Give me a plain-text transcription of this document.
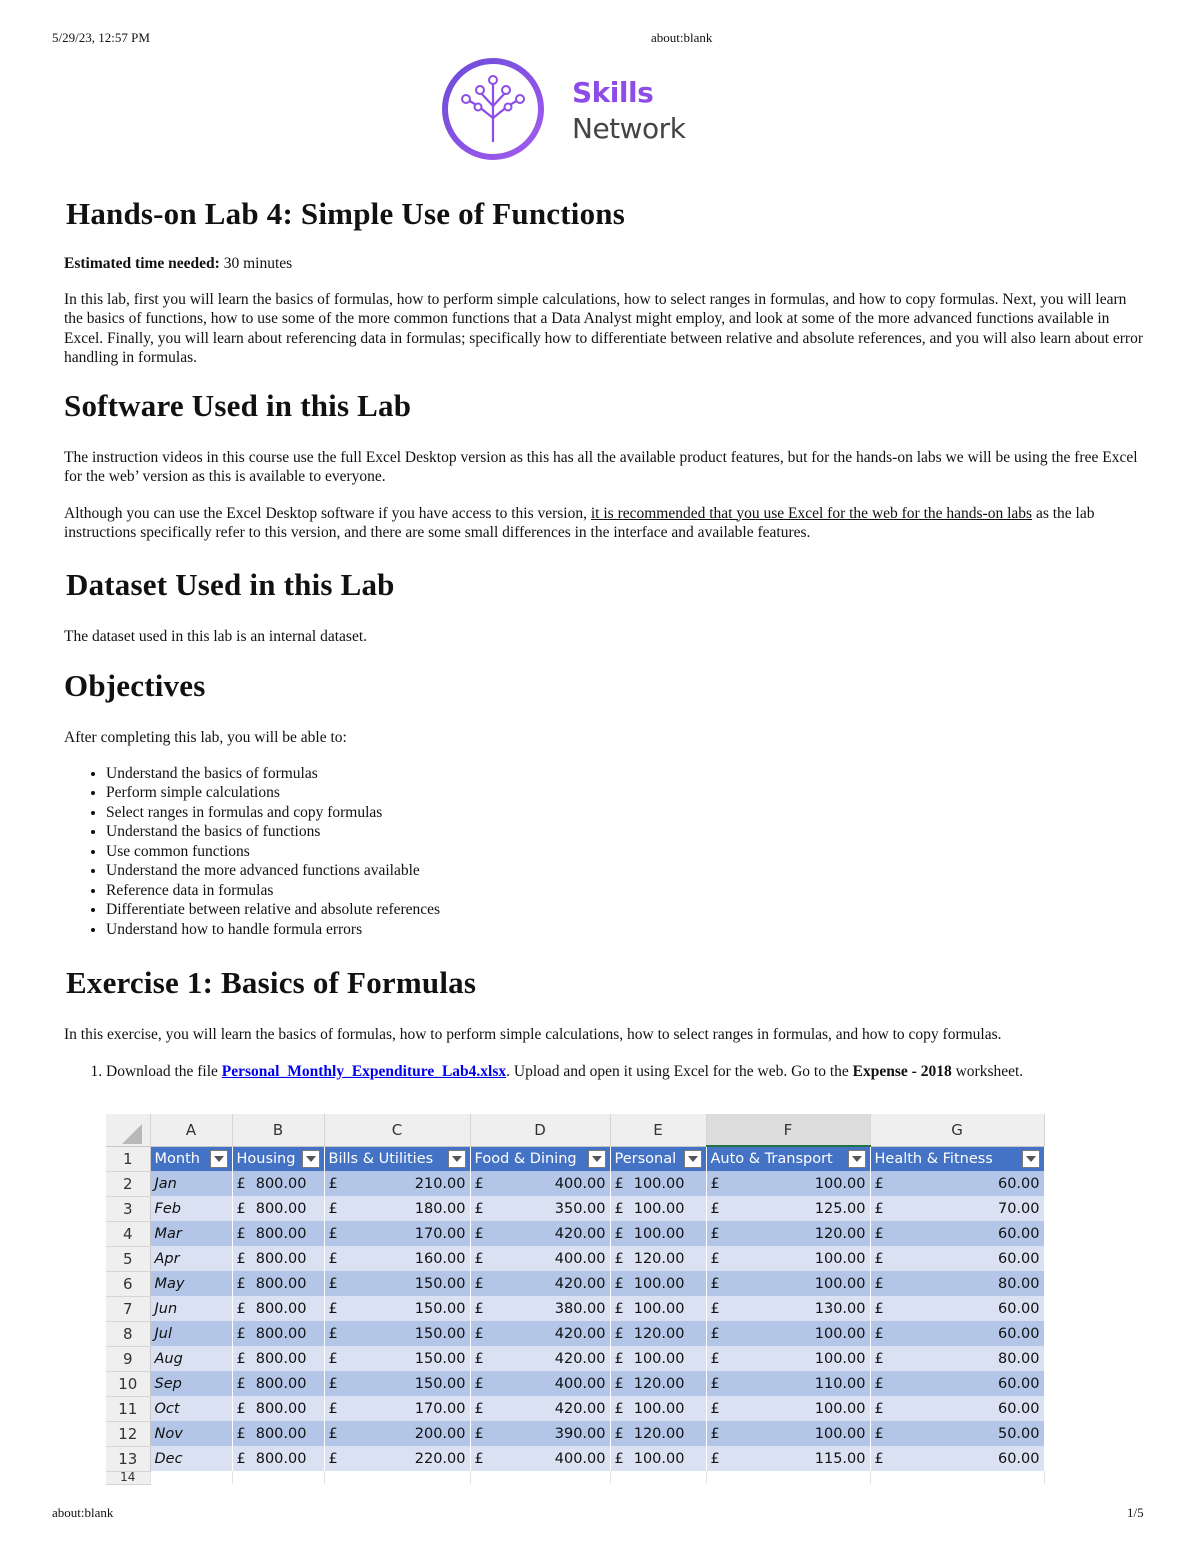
5/29/23, 12:57 PM	about:blank
Skills
Network
Hands-on Lab 4: Simple Use of Functions

Estimated time needed: 30 minutes

In this lab, first you will learn the basics of formulas, how to perform simple calculations, how to select ranges in formulas, and how to copy formulas. Next, you will learn the basics of functions, how to use some of the more common functions that a Data Analyst might employ, and look at some of the more advanced functions available in Excel. Finally, you will learn about referencing data in formulas; specifically how to differentiate between relative and absolute references, and you will also learn about error handling in formulas.

Software Used in this Lab

The instruction videos in this course use the full Excel Desktop version as this has all the available product features, but for the hands-on labs we will be using the free Excel for the web’ version as this is available to everyone.

Although you can use the Excel Desktop software if you have access to this version, it is recommended that you use Excel for the web for the hands-on labs as the lab instructions specifically refer to this version, and there are some small differences in the interface and available features.

Dataset Used in this Lab

The dataset used in this lab is an internal dataset.

Objectives

After completing this lab, you will be able to:

• Understand the basics of formulas
• Perform simple calculations
• Select ranges in formulas and copy formulas
• Understand the basics of functions
• Use common functions
• Understand the more advanced functions available
• Reference data in formulas
• Differentiate between relative and absolute references
• Understand how to handle formula errors
Exercise 1: Basics of Formulas

In this exercise, you will learn the basics of formulas, how to perform simple calculations, how to select ranges in formulas, and how to copy formulas.

1. Download the file Personal_Monthly_Expenditure_Lab4.xlsx. Upload and open it using Excel for the web. Go to the Expense - 2018 worksheet.
	A	B	C	D	E	F	G
1	Month	Housing	Bills & Utilities	Food & Dining	Personal	Auto & Transport	Health & Fitness

2	Jan	£ 800.00	£ 210.00	£ 400.00	£ 100.00	£ 100.00	£ 60.00

3	Feb	£ 800.00	£ 180.00	£ 350.00	£ 100.00	£ 125.00	£ 70.00

4	Mar	£ 800.00	£ 170.00	£ 420.00	£ 100.00	£ 120.00	£ 60.00

5	Apr	£ 800.00	£ 160.00	£ 400.00	£ 120.00	£ 100.00	£ 60.00

6	May	£ 800.00	£ 150.00	£ 420.00	£ 100.00	£ 100.00	£ 80.00

7	Jun	£ 800.00	£ 150.00	£ 380.00	£ 100.00	£ 130.00	£ 60.00

8	Jul	£ 800.00	£ 150.00	£ 420.00	£ 120.00	£ 100.00	£ 60.00

9	Aug	£ 800.00	£ 150.00	£ 420.00	£ 100.00	£ 100.00	£ 80.00

10	Sep	£ 800.00	£ 150.00	£ 400.00	£ 120.00	£ 110.00	£ 60.00

11	Oct	£ 800.00	£ 170.00	£ 420.00	£ 100.00	£ 100.00	£ 60.00

12	Nov	£ 800.00	£ 200.00	£ 390.00	£ 120.00	£ 100.00	£ 50.00

13	Dec	£ 800.00	£ 220.00	£ 400.00	£ 100.00	£ 115.00	£ 60.00

14							
about:blank	1/5
